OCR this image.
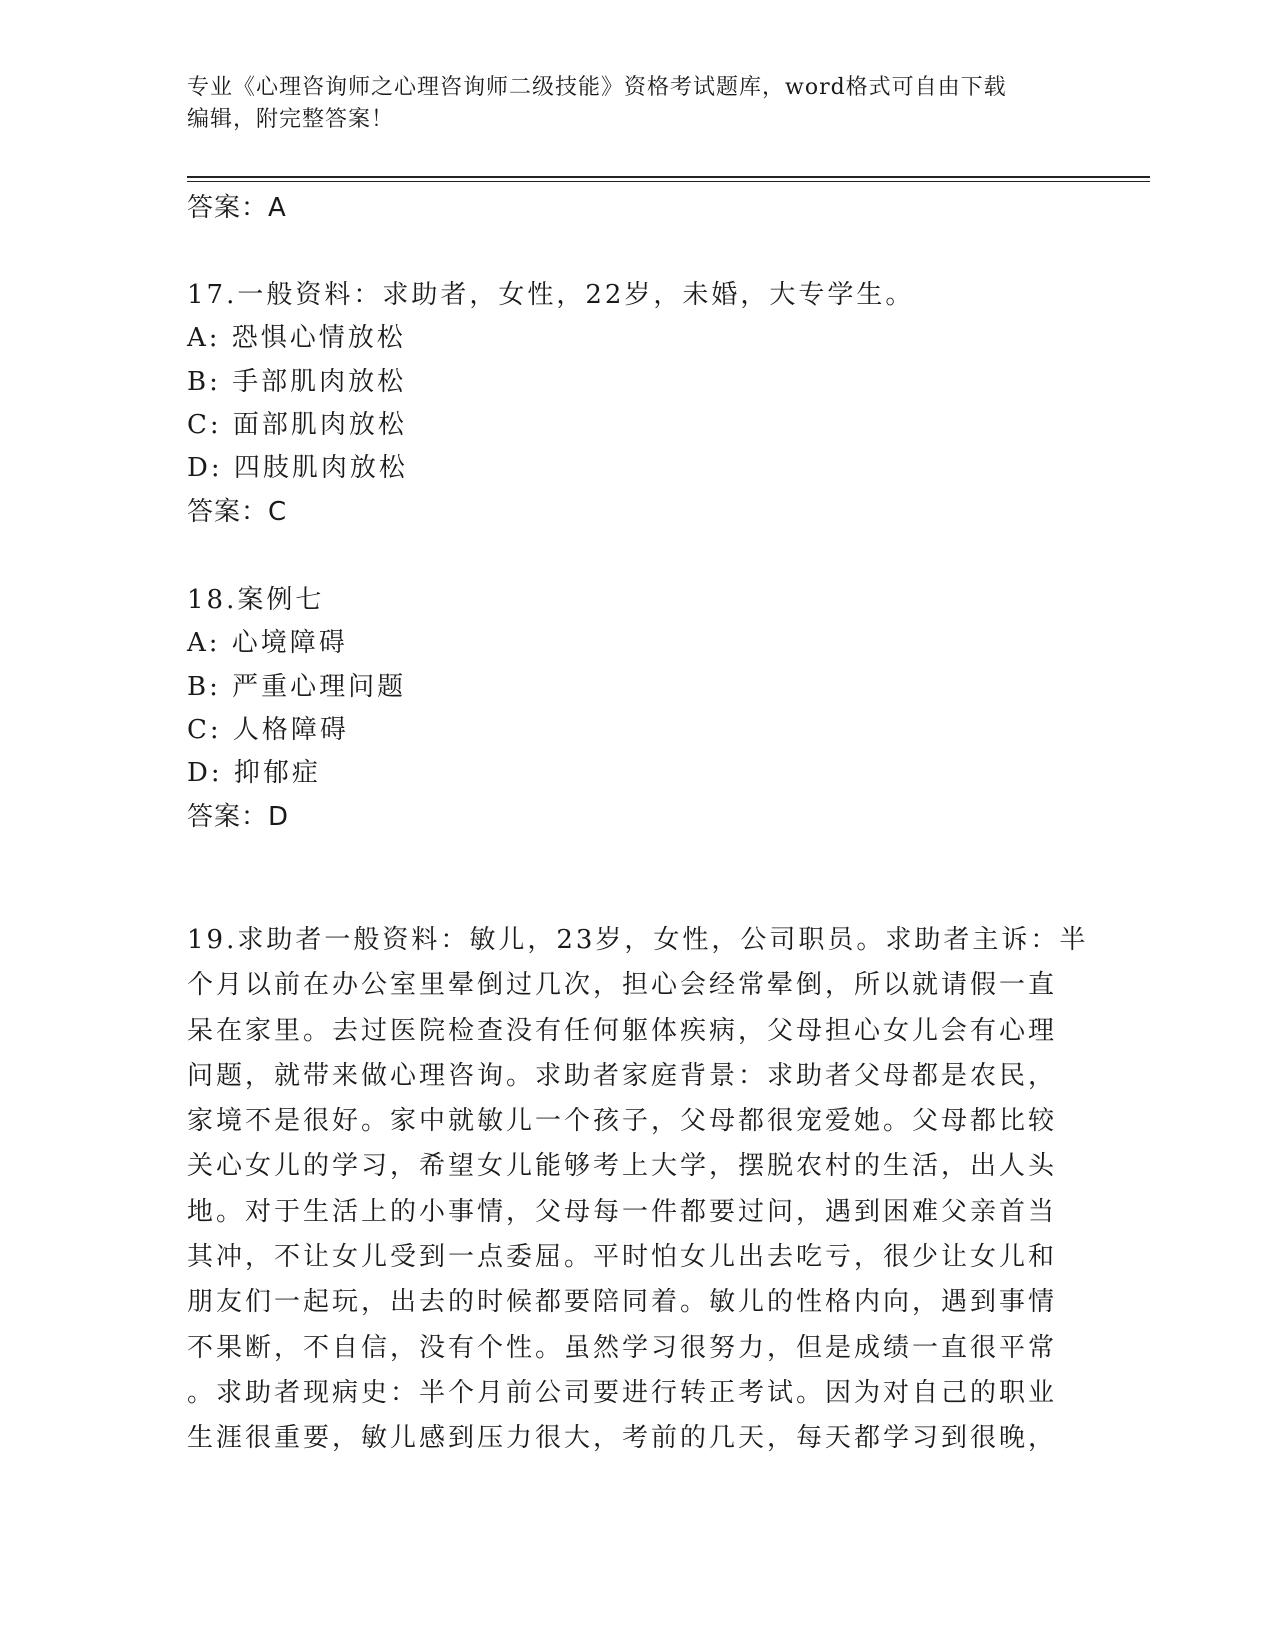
专业《心理咨询师之心理咨询师二级技能》资格考试题库，word格式可自由下载
编辑，附完整答案！
答案：A
17.一般资料：求助者，女性，22岁，未婚，大专学生。
A: 恐惧心情放松
B: 手部肌肉放松
C: 面部肌肉放松
D: 四肢肌肉放松
答案：C
18.案例七
A: 心境障碍
B: 严重心理问题
C: 人格障碍
D: 抑郁症
答案：D
19.求助者一般资料：敏儿，23岁，女性，公司职员。求助者主诉：半
个月以前在办公室里晕倒过几次，担心会经常晕倒，所以就请假一直
呆在家里。去过医院检查没有任何躯体疾病，父母担心女儿会有心理
问题，就带来做心理咨询。求助者家庭背景：求助者父母都是农民，
家境不是很好。家中就敏儿一个孩子，父母都很宠爱她。父母都比较
关心女儿的学习，希望女儿能够考上大学，摆脱农村的生活，出人头
地。对于生活上的小事情，父母每一件都要过问，遇到困难父亲首当
其冲，不让女儿受到一点委屈。平时怕女儿出去吃亏，很少让女儿和
朋友们一起玩，出去的时候都要陪同着。敏儿的性格内向，遇到事情
不果断，不自信，没有个性。虽然学习很努力，但是成绩一直很平常
。求助者现病史：半个月前公司要进行转正考试。因为对自己的职业
生涯很重要，敏儿感到压力很大，考前的几天，每天都学习到很晚，
